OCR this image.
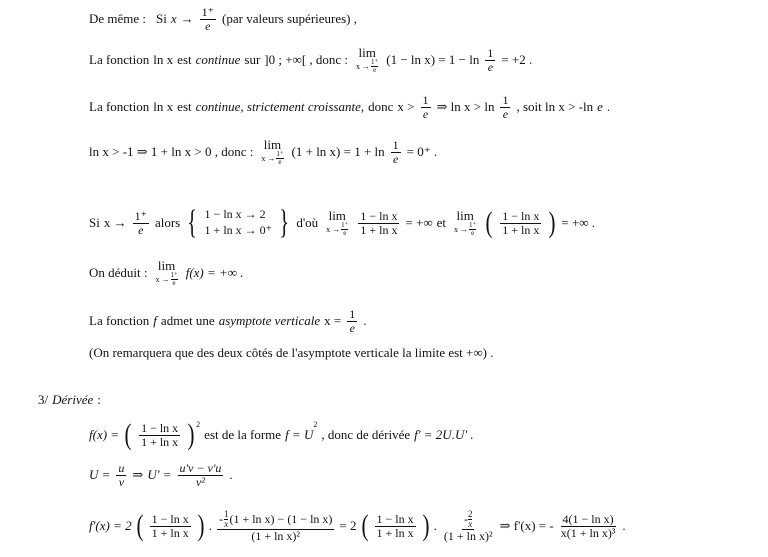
De même : Si $x \to \frac{1^+}{e} (par$ valeurs supérieures) ,
La fonction ln x est continue sur ]0 ; +∞[ , donc : lim
x → 1⁺
e
$(1 - \ln x) = 1 - \ln \frac{1}{e} = +2$ .
La fonction ln x est continue, strictement croissante, donc $x > \frac{1}{e}$ ⇒ $\ln x > \ln \frac{1}{e}$ , soit ln x > -ln e .
ln x > -1 ⇒ 1 + ln x > 0 , donc : lim
x → 1⁺
e
$(1 + \ln x) = 1 + \ln \frac{1}{e} = 0^+$ .
Si $x \to \frac{1^+}{e}$ alors { 1 − ln x → 2
1 + ln x → 0⁺ } d'où lim
x → 1⁺
e $\frac{\text{1 − ln x}}{\text{1 + ln x}}$ = +∞ et lim
x → 1⁺
e ( $\frac{\text{1 − ln x}}{\text{1 + ln x}}$ ) = +∞ .
On déduit : lim
x → 1⁺
e
f(x) = +∞ .
La fonction f admet une asymptote verticale $x = \frac{1}{e}$ .
(On remarquera que des deux côtés de l'asymptote verticale la limite est +∞) .
3/ Dérivée :
f(x) = ( $\frac{\text{1 − ln x}}{\text{1 + ln x}} )^2$
est de la forme f = U
$^2$
, donc de dérivée f' = 2U.U' .
$U = \frac{u}{v}$ ⇒ $U' = \frac{u'v - v'u}{\text{v²}}$ .
f'(x) = 2 ( $\frac{\text{1 − ln x}}{\text{1 + ln x}}$ ) . - 1
x (1 + ln x) − (1 − ln x)
(1 + ln x)² = 2 ( $\frac{\text{1 − ln x}}{\text{1 + ln x}}$ ) . - 2
x
(1 + ln x)² ⇒ f'(x) = - $\frac{\text{4(1 − ln x)}}{\text{x(1 + ln x)³}}$ .
